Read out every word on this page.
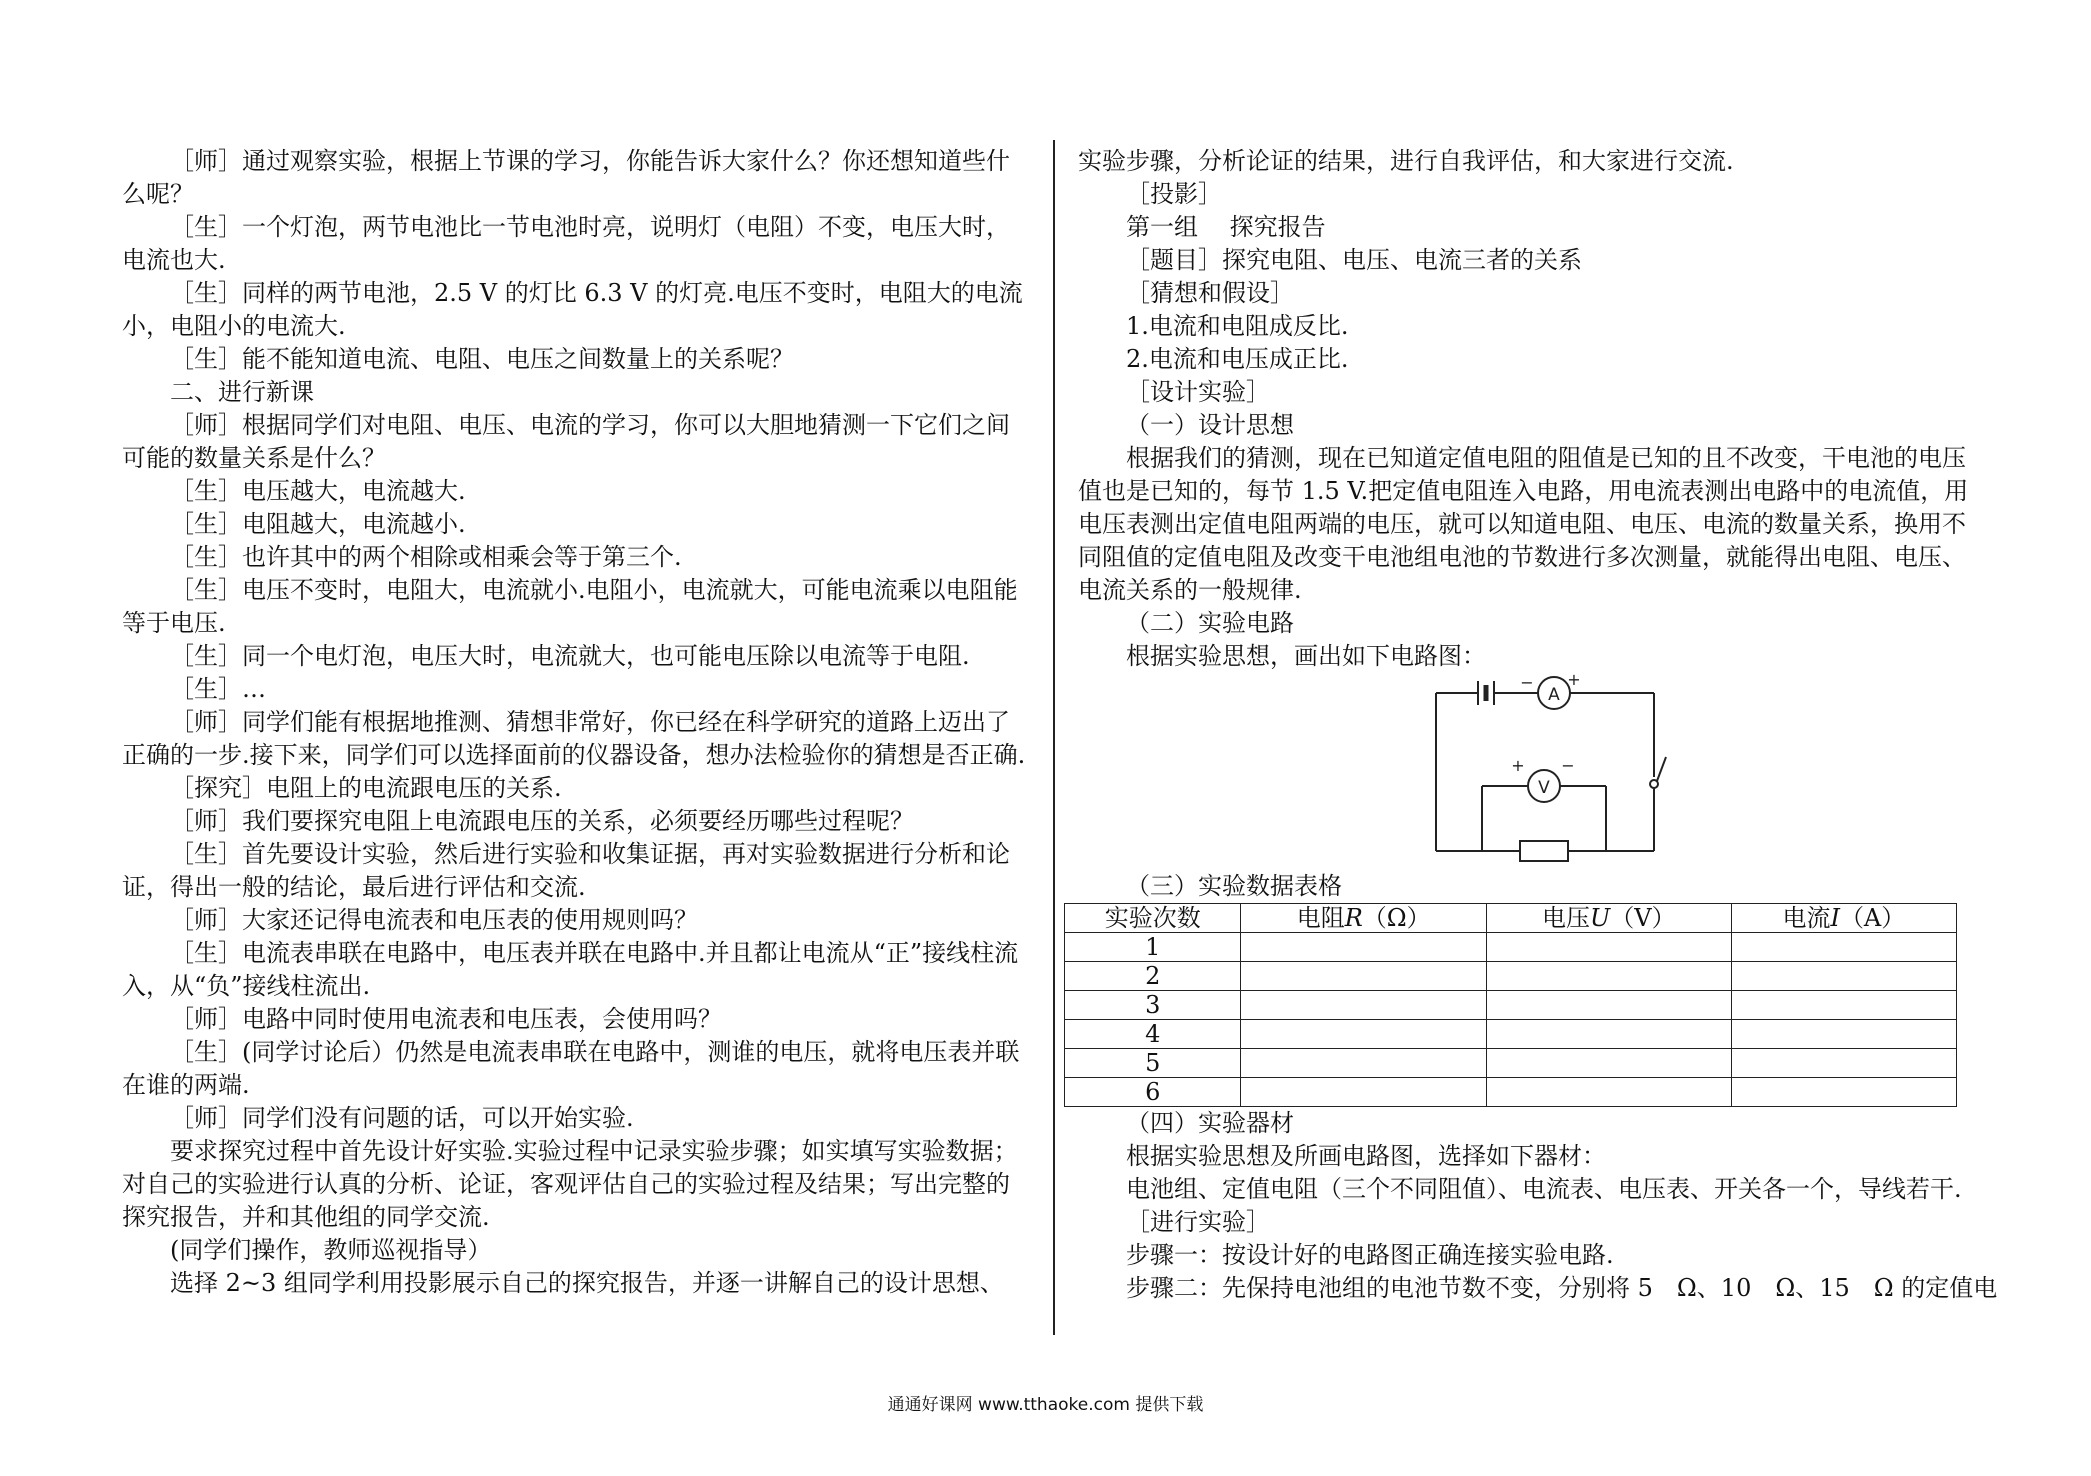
［师］通过观察实验，根据上节课的学习，你能告诉大家什么？你还想知道些什么呢？

［生］一个灯泡，两节电池比一节电池时亮，说明灯（电阻）不变，电压大时，电流也大.

［生］同样的两节电池，2.5 V 的灯比 6.3 V 的灯亮.电压不变时，电阻大的电流小，电阻小的电流大.

［生］能不能知道电流、电阻、电压之间数量上的关系呢？

二、进行新课

［师］根据同学们对电阻、电压、电流的学习，你可以大胆地猜测一下它们之间可能的数量关系是什么？

［生］电压越大，电流越大.

［生］电阻越大，电流越小.

［生］也许其中的两个相除或相乘会等于第三个.

［生］电压不变时，电阻大，电流就小.电阻小，电流就大，可能电流乘以电阻能等于电压.

［生］同一个电灯泡，电压大时，电流就大，也可能电压除以电流等于电阻.

［生］…

［师］同学们能有根据地推测、猜想非常好，你已经在科学研究的道路上迈出了正确的一步.接下来，同学们可以选择面前的仪器设备，想办法检验你的猜想是否正确.

［探究］电阻上的电流跟电压的关系.

［师］我们要探究电阻上电流跟电压的关系，必须要经历哪些过程呢？

［生］首先要设计实验，然后进行实验和收集证据，再对实验数据进行分析和论证，得出一般的结论，最后进行评估和交流.

［师］大家还记得电流表和电压表的使用规则吗？

［生］电流表串联在电路中，电压表并联在电路中.并且都让电流从“正”接线柱流入，从“负”接线柱流出.

［师］电路中同时使用电流表和电压表，会使用吗？

［生］(同学讨论后）仍然是电流表串联在电路中，测谁的电压，就将电压表并联在谁的两端.

［师］同学们没有问题的话，可以开始实验.

要求探究过程中首先设计好实验.实验过程中记录实验步骤；如实填写实验数据；对自己的实验进行认真的分析、论证，客观评估自己的实验过程及结果；写出完整的探究报告，并和其他组的同学交流.

(同学们操作，教师巡视指导）

选择 2~3 组同学利用投影展示自己的探究报告，并逐一讲解自己的设计思想、

实验步骤，分析论证的结果，进行自我评估，和大家进行交流.

［投影］

第一组　 探究报告

［题目］探究电阻、电压、电流三者的关系

［猜想和假设］

1.电流和电阻成反比.

2.电流和电压成正比.

［设计实验］

（一）设计思想

根据我们的猜测，现在已知道定值电阻的阻值是已知的且不改变，干电池的电压值也是已知的，每节 1.5 V.把定值电阻连入电路，用电流表测出电路中的电流值，用电压表测出定值电阻两端的电压，就可以知道电阻、电压、电流的数量关系，换用不同阻值的定值电阻及改变干电池组电池的节数进行多次测量，就能得出电阻、电压、电流关系的一般规律.

（二）实验电路

根据实验思想，画出如下电路图：

A
V
− +
+ −

（三）实验数据表格

实验次数	电阻R（Ω）	电压U（V）	电流I（A）
1			
2			
3			
4			
5			
6			

（四）实验器材

根据实验思想及所画电路图，选择如下器材：

电池组、定值电阻（三个不同阻值）、电流表、电压表、开关各一个，导线若干.

［进行实验］

步骤一：按设计好的电路图正确连接实验电路.

步骤二：先保持电池组的电池节数不变，分别将 5　Ω、10　Ω、15　Ω 的定值电

通通好课网 www.tthaoke.com 提供下载
